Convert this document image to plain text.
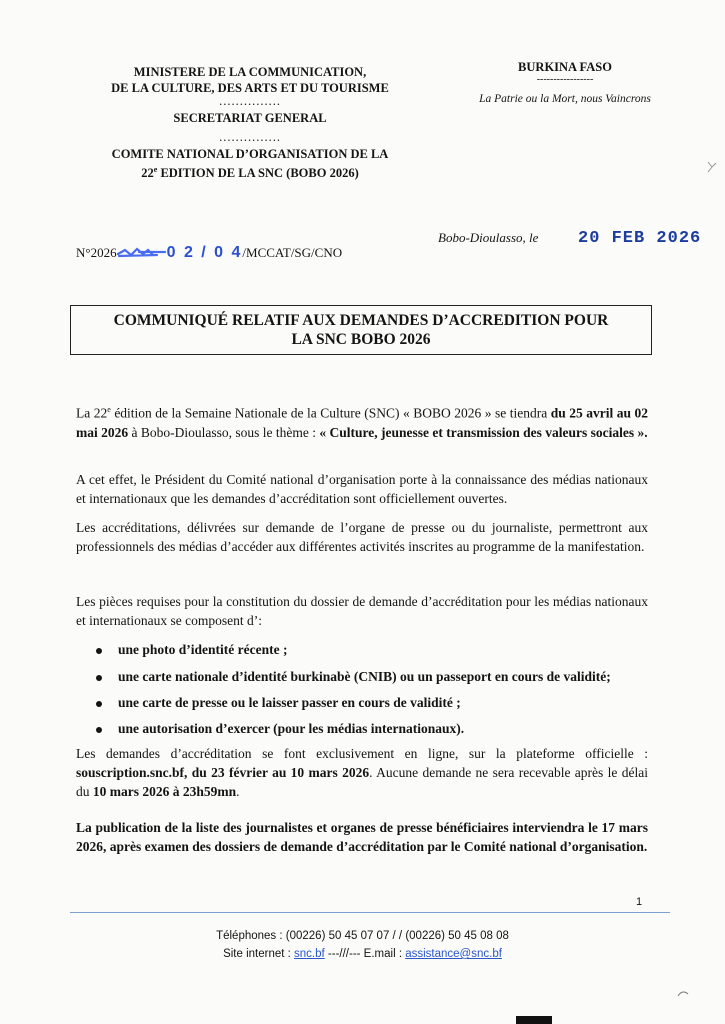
MINISTERE DE LA COMMUNICATION,
DE LA CULTURE, DES ARTS ET DU TOURISME
...............
SECRETARIAT GENERAL
...............
COMITE NATIONAL D’ORGANISATION DE LA
22e EDITION DE LA SNC (BOBO 2026)
BURKINA FASO
-----------------
La Patrie ou la Mort, nous Vaincrons
Bobo-Dioulasso, le 20 FEB 2026
N°2026	0 2 / 0 4/MCCAT/SG/CNO
COMMUNIQUÉ RELATIF AUX DEMANDES D’ACCREDITION POUR
LA SNC BOBO 2026

La 22e édition de la Semaine Nationale de la Culture (SNC) « BOBO 2026 » se tiendra du 25 avril au 02 mai 2026 à Bobo-Dioulasso, sous le thème : « Culture, jeunesse et transmission des valeurs sociales ».

A cet effet, le Président du Comité national d’organisation porte à la connaissance des médias nationaux et internationaux que les demandes d’accréditation sont officiellement ouvertes.

Les accréditations, délivrées sur demande de l’organe de presse ou du journaliste, permettront aux professionnels des médias d’accéder aux différentes activités inscrites au programme de la manifestation.

Les pièces requises pour la constitution du dossier de demande d’accréditation pour les médias nationaux et internationaux se composent d’:

une photo d’identité récente ;
une carte nationale d’identité burkinabè (CNIB) ou un passeport en cours de validité;
une carte de presse ou le laisser passer en cours de validité ;
une autorisation d’exercer (pour les médias internationaux).

Les demandes d’accréditation se font exclusivement en ligne, sur la plateforme officielle : souscription.snc.bf, du 23 février au 10 mars 2026. Aucune demande ne sera recevable après le délai du 10 mars 2026 à 23h59mn.

La publication de la liste des journalistes et organes de presse bénéficiaires interviendra le 17 mars 2026, après examen des dossiers de demande d’accréditation par le Comité national d’organisation.

1
Téléphones : (00226) 50 45 07 07 / / (00226) 50 45 08 08
Site internet : snc.bf ---///--- E.mail : assistance@snc.bf
